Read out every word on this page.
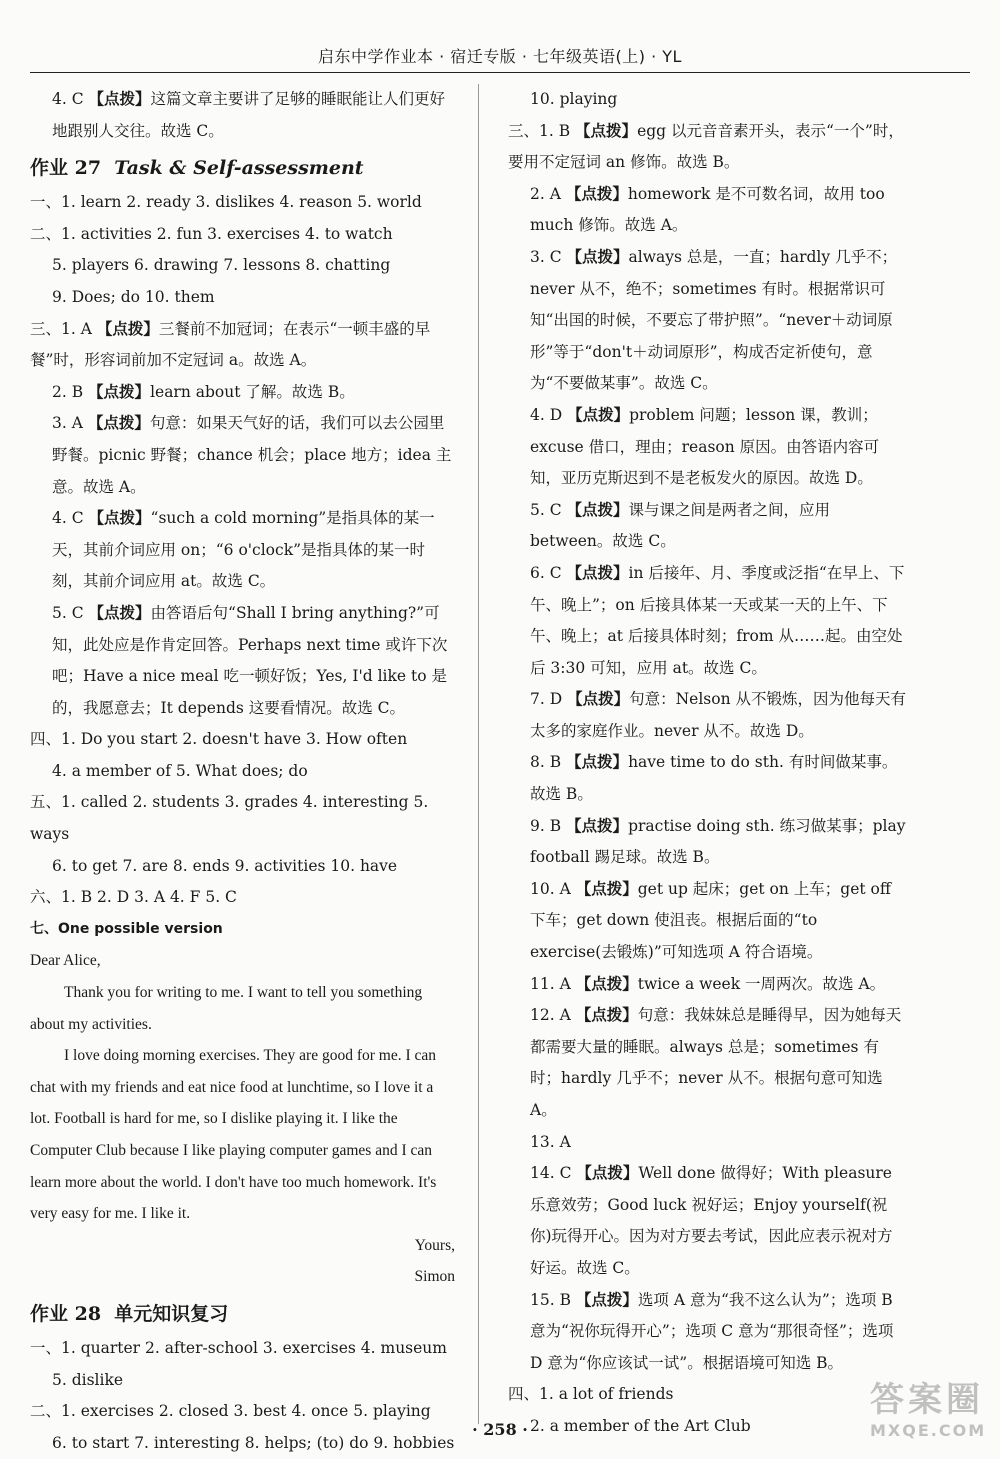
启东中学作业本 · 宿迁专版 · 七年级英语(上) · YL

4. C 【点拨】这篇文章主要讲了足够的睡眠能让人们更好地跟别人交往。故选 C。

作业 27 Task & Self-assessment

一、1. learn 2. ready 3. dislikes 4. reason 5. world

二、1. activities 2. fun 3. exercises 4. to watch

5. players 6. drawing 7. lessons 8. chatting

9. Does; do 10. them

三、1. A 【点拨】三餐前不加冠词；在表示“一顿丰盛的早餐”时，形容词前加不定冠词 a。故选 A。

2. B 【点拨】learn about 了解。故选 B。

3. A 【点拨】句意：如果天气好的话，我们可以去公园里野餐。picnic 野餐；chance 机会；place 地方；idea 主意。故选 A。

4. C 【点拨】“such a cold morning”是指具体的某一天，其前介词应用 on；“6 o'clock”是指具体的某一时刻，其前介词应用 at。故选 C。

5. C 【点拨】由答语后句“Shall I bring anything?”可知，此处应是作肯定回答。Perhaps next time 或许下次吧；Have a nice meal 吃一顿好饭；Yes, I'd like to 是的，我愿意去；It depends 这要看情况。故选 C。

四、1. Do you start 2. doesn't have 3. How often

4. a member of 5. What does; do

五、1. called 2. students 3. grades 4. interesting 5. ways

6. to get 7. are 8. ends 9. activities 10. have

六、1. B 2. D 3. A 4. F 5. C

七、One possible version

Dear Alice,

Thank you for writing to me. I want to tell you something about my activities.

I love doing morning exercises. They are good for me. I can chat with my friends and eat nice food at lunchtime, so I love it a lot. Football is hard for me, so I dislike playing it. I like the Computer Club because I like playing computer games and I can learn more about the world. I don't have too much homework. It's very easy for me. I like it.

Yours,

Simon

作业 28 单元知识复习

一、1. quarter 2. after-school 3. exercises 4. museum

5. dislike

二、1. exercises 2. closed 3. best 4. once 5. playing

6. to start 7. interesting 8. helps; (to) do 9. hobbies

10. playing

三、1. B 【点拨】egg 以元音音素开头，表示“一个”时，要用不定冠词 an 修饰。故选 B。

2. A 【点拨】homework 是不可数名词，故用 too much 修饰。故选 A。

3. C 【点拨】always 总是，一直；hardly 几乎不；never 从不，绝不；sometimes 有时。根据常识可知“出国的时候，不要忘了带护照”。“never＋动词原形”等于“don't＋动词原形”，构成否定祈使句，意为“不要做某事”。故选 C。

4. D 【点拨】problem 问题；lesson 课，教训；excuse 借口，理由；reason 原因。由答语内容可知，亚历克斯迟到不是老板发火的原因。故选 D。

5. C 【点拨】课与课之间是两者之间，应用 between。故选 C。

6. C 【点拨】in 后接年、月、季度或泛指“在早上、下午、晚上”；on 后接具体某一天或某一天的上午、下午、晚上；at 后接具体时刻；from 从……起。由空处后 3:30 可知，应用 at。故选 C。

7. D 【点拨】句意：Nelson 从不锻炼，因为他每天有太多的家庭作业。never 从不。故选 D。

8. B 【点拨】have time to do sth. 有时间做某事。故选 B。

9. B 【点拨】practise doing sth. 练习做某事；play football 踢足球。故选 B。

10. A 【点拨】get up 起床；get on 上车；get off 下车；get down 使沮丧。根据后面的“to exercise(去锻炼)”可知选项 A 符合语境。

11. A 【点拨】twice a week 一周两次。故选 A。

12. A 【点拨】句意：我妹妹总是睡得早，因为她每天都需要大量的睡眠。always 总是；sometimes 有时；hardly 几乎不；never 从不。根据句意可知选 A。

13. A

14. C 【点拨】Well done 做得好；With pleasure 乐意效劳；Good luck 祝好运；Enjoy yourself(祝你)玩得开心。因为对方要去考试，因此应表示祝对方好运。故选 C。

15. B 【点拨】选项 A 意为“我不这么认为”；选项 B 意为“祝你玩得开心”；选项 C 意为“那很奇怪”；选项 D 意为“你应该试一试”。根据语境可知选 B。

四、1. a lot of friends

2. a member of the Art Club

· 258 ·
答案圈
MXQE.COM
